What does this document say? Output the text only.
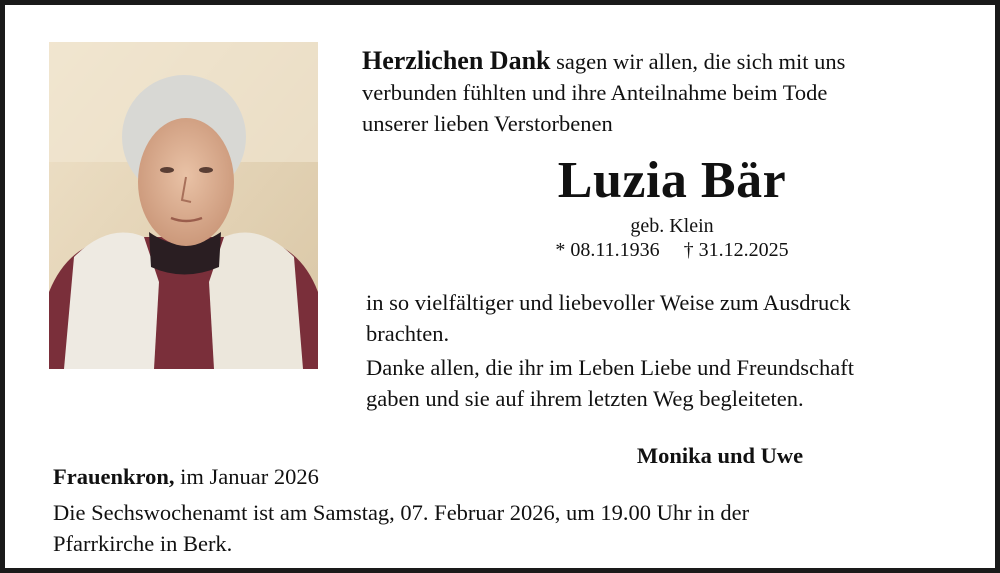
Herzlichen Dank sagen wir allen, die sich mit uns
verbunden fühlten und ihre Anteilnahme beim Tode
unserer lieben Verstorbenen
Luzia Bär
geb. Klein
* 08.11.1936 † 31.12.2025
in so vielfältiger und liebevoller Weise zum Ausdruck
brachten.
Danke allen, die ihr im Leben Liebe und Freundschaft
gaben und sie auf ihrem letzten Weg begleiteten.
Monika und Uwe
Frauenkron, im Januar 2026
Die Sechswochenamt ist am Samstag, 07. Februar 2026, um 19.00 Uhr in der
Pfarrkirche in Berk.
